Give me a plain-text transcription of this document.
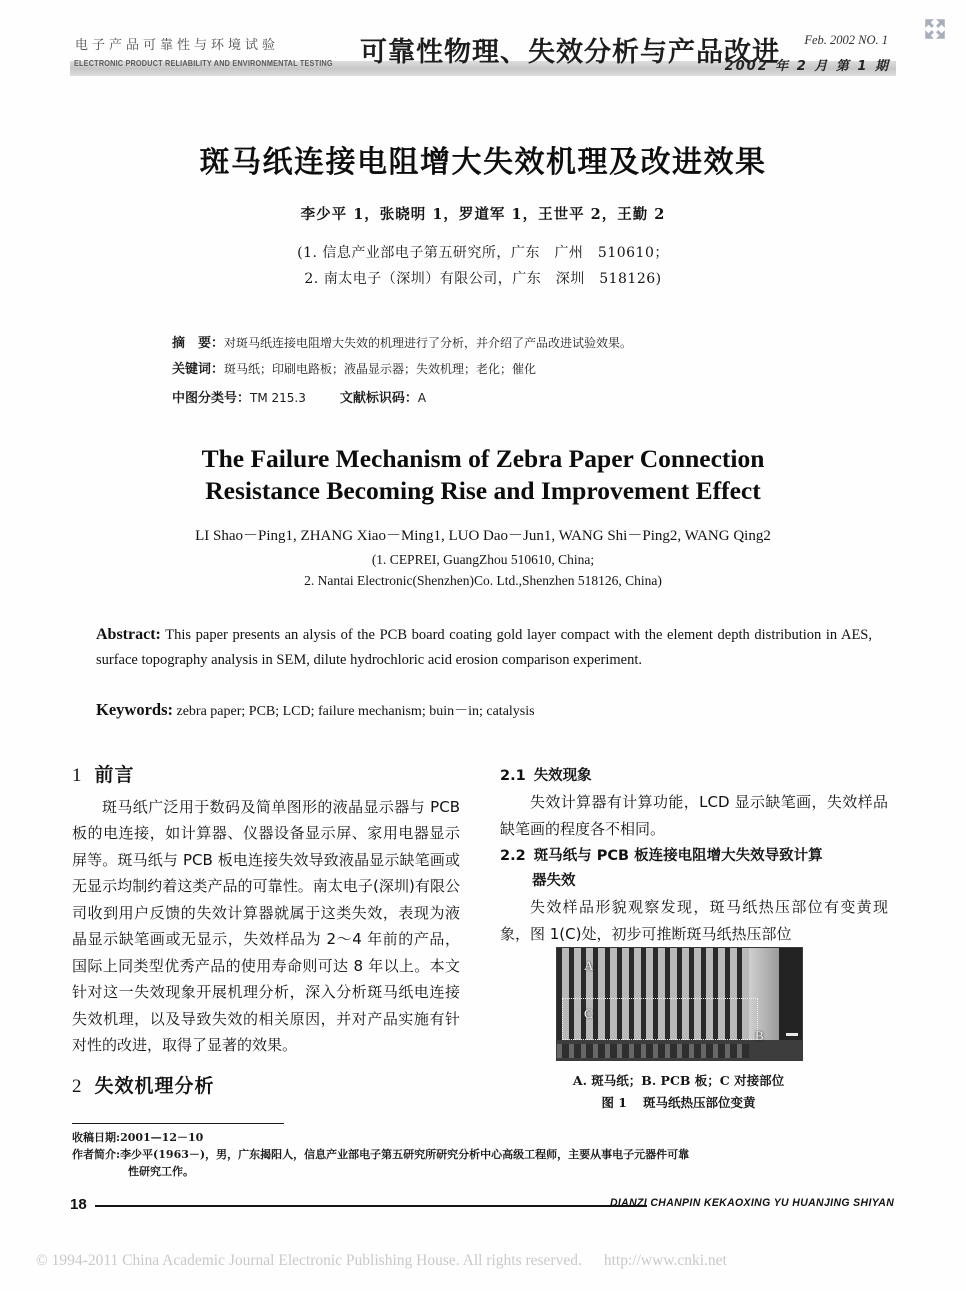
电子产品可靠性与环境试验
ELECTRONIC PRODUCT RELIABILITY AND ENVIRONMENTAL TESTING 可靠性物理、失效分析与产品改进 Feb. 2002 NO. 1
2002 年 2 月 第 1 期
斑马纸连接电阻增大失效机理及改进效果
李少平 1，张晓明 1，罗道军 1，王世平 2，王勤 2
(1. 信息产业部电子第五研究所，广东　广州　510610；
2. 南太电子（深圳）有限公司，广东　深圳　518126)
摘　要：对斑马纸连接电阻增大失效的机理进行了分析，并介绍了产品改进试验效果。
关键词：斑马纸；印刷电路板；液晶显示器；失效机理；老化；催化
中图分类号：TM 215.3	文献标识码：A
The Failure Mechanism of Zebra Paper Connection
Resistance Becoming Rise and Improvement Effect
LI Shao－Ping1, ZHANG Xiao－Ming1, LUO Dao－Jun1, WANG Shi－Ping2, WANG Qing2
(1. CEPREI, GuangZhou 510610, China;
2. Nantai Electronic(Shenzhen)Co. Ltd.,Shenzhen 518126, China)
Abstract: This paper presents an alysis of the PCB board coating gold layer compact with the element depth distribution in AES, surface topography analysis in SEM, dilute hydrochloric acid erosion comparison experiment.
Keywords: zebra paper; PCB; LCD; failure mechanism; buin－in; catalysis
1 前言

斑马纸广泛用于数码及简单图形的液晶显示器与 PCB 板的电连接，如计算器、仪器设备显示屏、家用电器显示屏等。斑马纸与 PCB 板电连接失效导致液晶显示缺笔画或无显示均制约着这类产品的可靠性。南太电子(深圳)有限公司收到用户反馈的失效计算器就属于这类失效，表现为液晶显示缺笔画或无显示，失效样品为 2～4 年前的产品，国际上同类型优秀产品的使用寿命则可达 8 年以上。本文针对这一失效现象开展机理分析，深入分析斑马纸电连接失效机理，以及导致失效的相关原因，并对产品实施有针对性的改进，取得了显著的效果。

2 失效机理分析
2.1 失效现象

失效计算器有计算功能，LCD 显示缺笔画，失效样品缺笔画的程度各不相同。

2.2 斑马纸与 PCB 板连接电阻增大失效导致计算
器失效

失效样品形貌观察发现，斑马纸热压部位有变黄现象，图 1(C)处，初步可推断斑马纸热压部位

A
C
B
A. 斑马纸；B. PCB 板；C 对接部位
图 1 斑马纸热压部位变黄
收稿日期:2001—12－10
作者简介:李少平(1963－)，男，广东揭阳人，信息产业部电子第五研究所研究分析中心高级工程师，主要从事电子元器件可靠
性研究工作。
18	DIANZI CHANPIN KEKAOXING YU HUANJING SHIYAN
© 1994-2011 China Academic Journal Electronic Publishing House. All rights reserved. http://www.cnki.net
